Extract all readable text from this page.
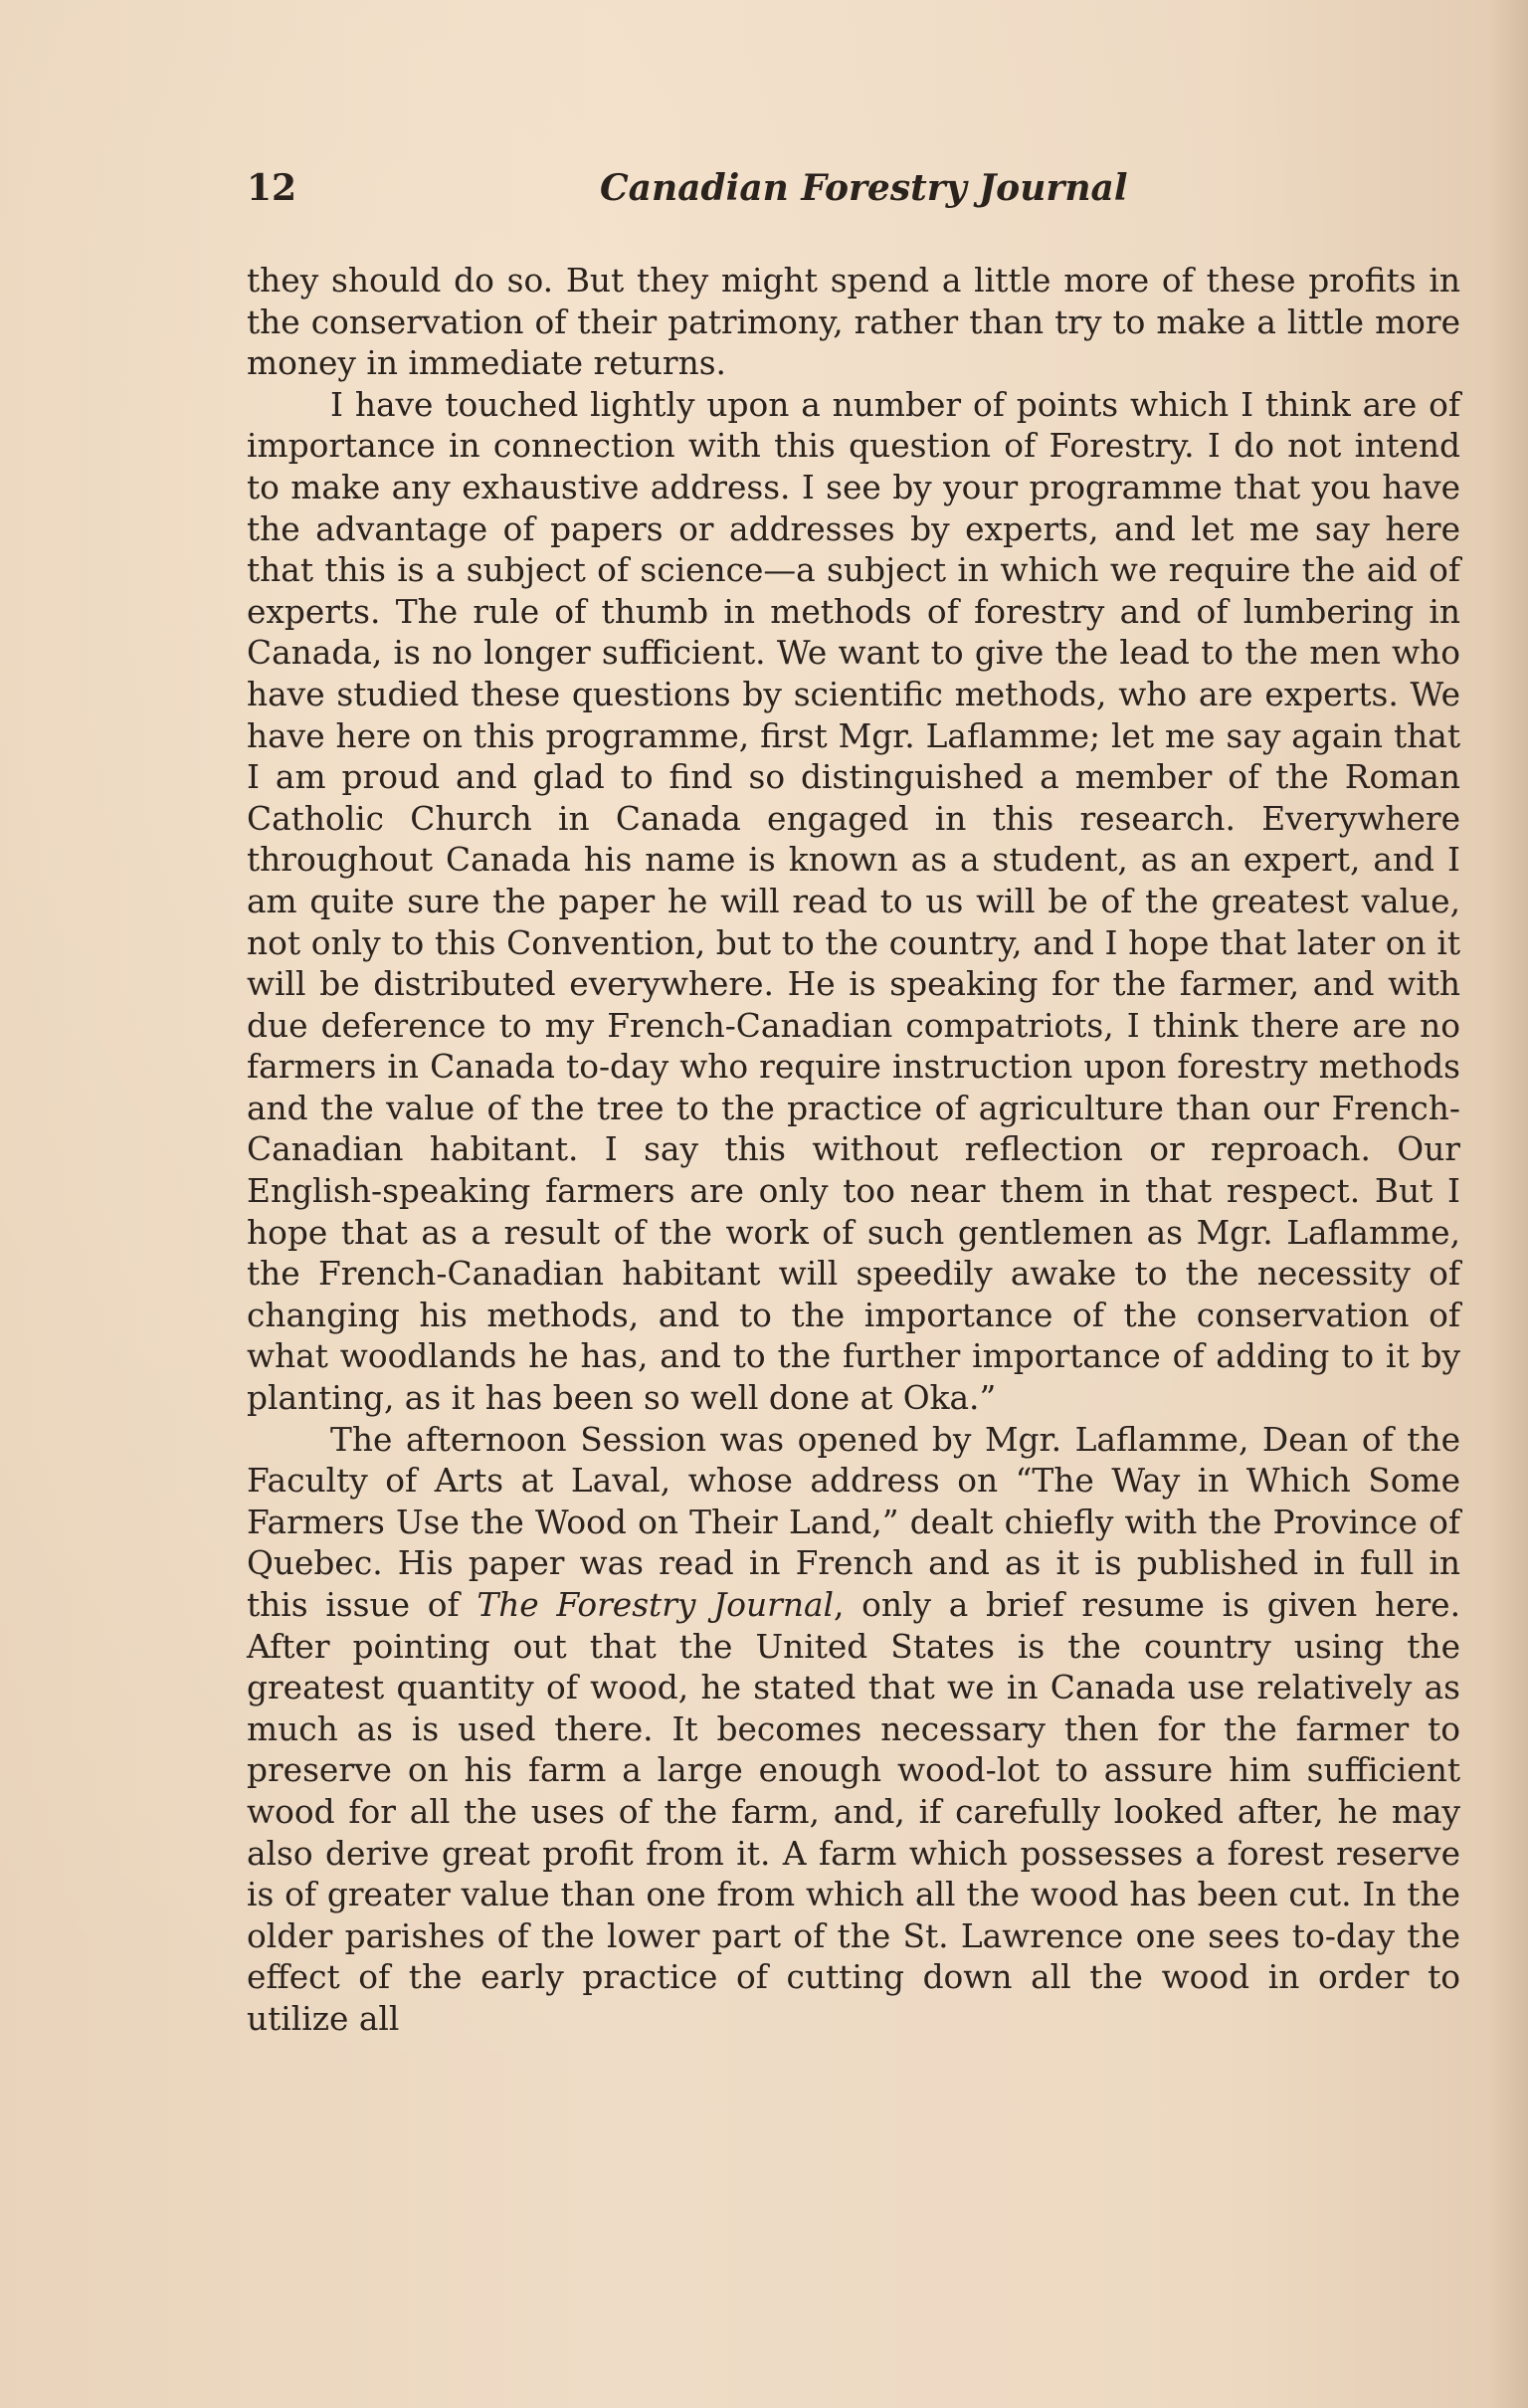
12	Canadian Forestry Journal

they should do so. But they might spend a little more of these profits in the conservation of their patrimony, rather than try to make a little more money in immediate returns.

I have touched lightly upon a number of points which I think are of importance in connection with this question of Forestry. I do not intend to make any exhaustive address. I see by your programme that you have the advantage of papers or addresses by experts, and let me say here that this is a subject of science—a subject in which we require the aid of experts. The rule of thumb in methods of forestry and of lumbering in Canada, is no longer sufficient. We want to give the lead to the men who have studied these questions by scientific methods, who are experts. We have here on this programme, first Mgr. Laflamme; let me say again that I am proud and glad to find so distinguished a member of the Roman Catholic Church in Canada engaged in this research. Everywhere throughout Canada his name is known as a student, as an expert, and I am quite sure the paper he will read to us will be of the greatest value, not only to this Convention, but to the country, and I hope that later on it will be distributed everywhere. He is speaking for the farmer, and with due deference to my French-Canadian compatriots, I think there are no farmers in Canada to-day who require instruction upon forestry methods and the value of the tree to the practice of agriculture than our French-Canadian habitant. I say this without reflection or reproach. Our English-speaking farmers are only too near them in that respect. But I hope that as a result of the work of such gentlemen as Mgr. Laflamme, the French-Canadian habitant will speedily awake to the necessity of changing his methods, and to the importance of the conservation of what woodlands he has, and to the further importance of adding to it by planting, as it has been so well done at Oka.”

The afternoon Session was opened by Mgr. Laflamme, Dean of the Faculty of Arts at Laval, whose address on “The Way in Which Some Farmers Use the Wood on Their Land,” dealt chiefly with the Province of Quebec. His paper was read in French and as it is published in full in this issue of The Forestry Journal, only a brief resume is given here. After pointing out that the United States is the country using the greatest quantity of wood, he stated that we in Canada use relatively as much as is used there. It becomes necessary then for the farmer to preserve on his farm a large enough wood-lot to assure him sufficient wood for all the uses of the farm, and, if carefully looked after, he may also derive great profit from it. A farm which possesses a forest reserve is of greater value than one from which all the wood has been cut. In the older parishes of the lower part of the St. Lawrence one sees to-day the effect of the early practice of cutting down all the wood in order to utilize all
